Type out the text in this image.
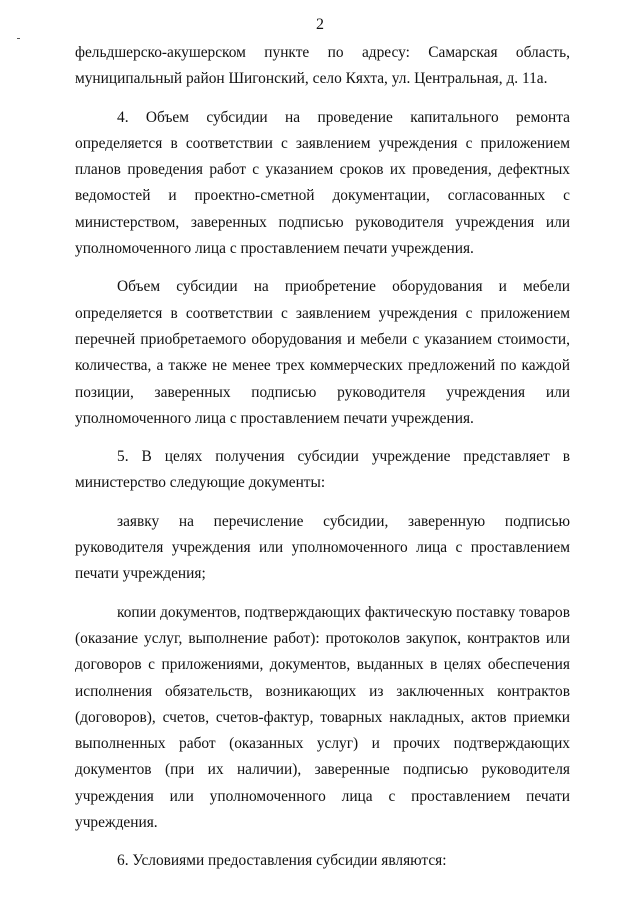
2

фельдшерско-акушерском пункте по адресу: Самарская область, муниципальный район Шигонский, село Кяхта, ул. Центральная, д. 11а.

4. Объем субсидии на проведение капитального ремонта определяется в соответствии с заявлением учреждения с приложением планов проведения работ с указанием сроков их проведения, дефектных ведомостей и проектно-сметной документации, согласованных с министерством, заверенных подписью руководителя учреждения или уполномоченного лица с проставлением печати учреждения.

Объем субсидии на приобретение оборудования и мебели определяется в соответствии с заявлением учреждения с приложением перечней приобретаемого оборудования и мебели с указанием стоимости, количества, а также не менее трех коммерческих предложений по каждой позиции, заверенных подписью руководителя учреждения или уполномоченного лица с проставлением печати учреждения.

5. В целях получения субсидии учреждение представляет в министерство следующие документы:

заявку на перечисление субсидии, заверенную подписью руководителя учреждения или уполномоченного лица с проставлением печати учреждения;

копии документов, подтверждающих фактическую поставку товаров (оказание услуг, выполнение работ): протоколов закупок, контрактов или договоров с приложениями, документов, выданных в целях обеспечения исполнения обязательств, возникающих из заключенных контрактов (договоров), счетов, счетов-фактур, товарных накладных, актов приемки выполненных работ (оказанных услуг) и прочих подтверждающих документов (при их наличии), заверенные подписью руководителя учреждения или уполномоченного лица с проставлением печати учреждения.

6. Условиями предоставления субсидии являются:
